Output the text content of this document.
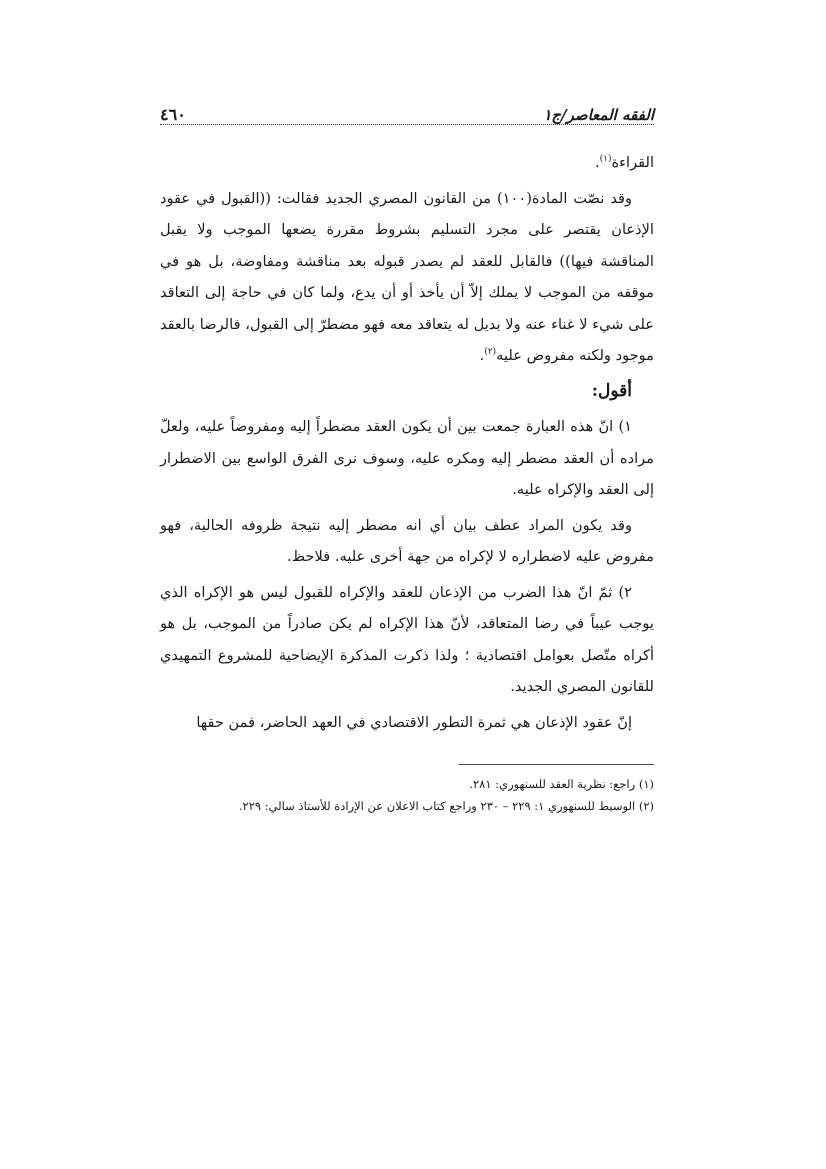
الفقه المعاصر/ج١
٤٦٠

القراءة$^{(١)}$.

وقد نصّت المادة(١٠٠) من القانون المصري الجديد فقالت: ((القبول في عقود الإذعان يقتصر على مجرد التسليم بشروط مقررة يضعها الموجب ولا يقبل المناقشة فيها)) فالقابل للعقد لم يصدر قبوله بعد مناقشة ومفاوضة، بل هو في موقفه من الموجب لا يملك إلاّ أن يأخذ أو أن يدع، ولما كان في حاجة إلى التعاقد على شيء لا غناء عنه ولا بديل له يتعاقد معه فهو مضطرّ إلى القبول، فالرضا بالعقد موجود ولكنه مفروض عليه$^{(٢)}$.

أقول:

١) انّ هذه العبارة جمعت بين أن يكون العقد مضطراً إليه ومفروضاً عليه، ولعلّ مراده أن العقد مضطر إليه ومكره عليه، وسوف نرى الفرق الواسع بين الاضطرار إلى العقد والإكراه عليه.

وقد يكون المراد عطف بيان أي انه مضطر إليه نتيجة ظروفه الحالية، فهو مفروض عليه لاضطراره لا لإكراه من جهة أخرى عليه. فلاحظ.

٢) ثمّ انّ هذا الضرب من الإذعان للعقد والإكراه للقبول ليس هو الإكراه الذي يوجب عيباً في رضا المتعاقد، لأنّ هذا الإكراه لم يكن صادراً من الموجب، بل هو أكراه متّصل بعوامل اقتصادية ؛ ولذا ذكرت المذكرة الإيضاحية للمشروع التمهيدي للقانون المصري الجديد.

إنّ عقود الإذعان هي ثمرة التطور الاقتصادي في العهد الحاضر، فمن حقها

(١) راجع: نظرية العقد للسنهوري: ٢٨١.
(٢) الوسيط للسنهوري ١: ٢٢٩ – ٢٣٠ وراجع كتاب الاعلان عن الإرادة للأستاذ سالي: ٢٢٩.
